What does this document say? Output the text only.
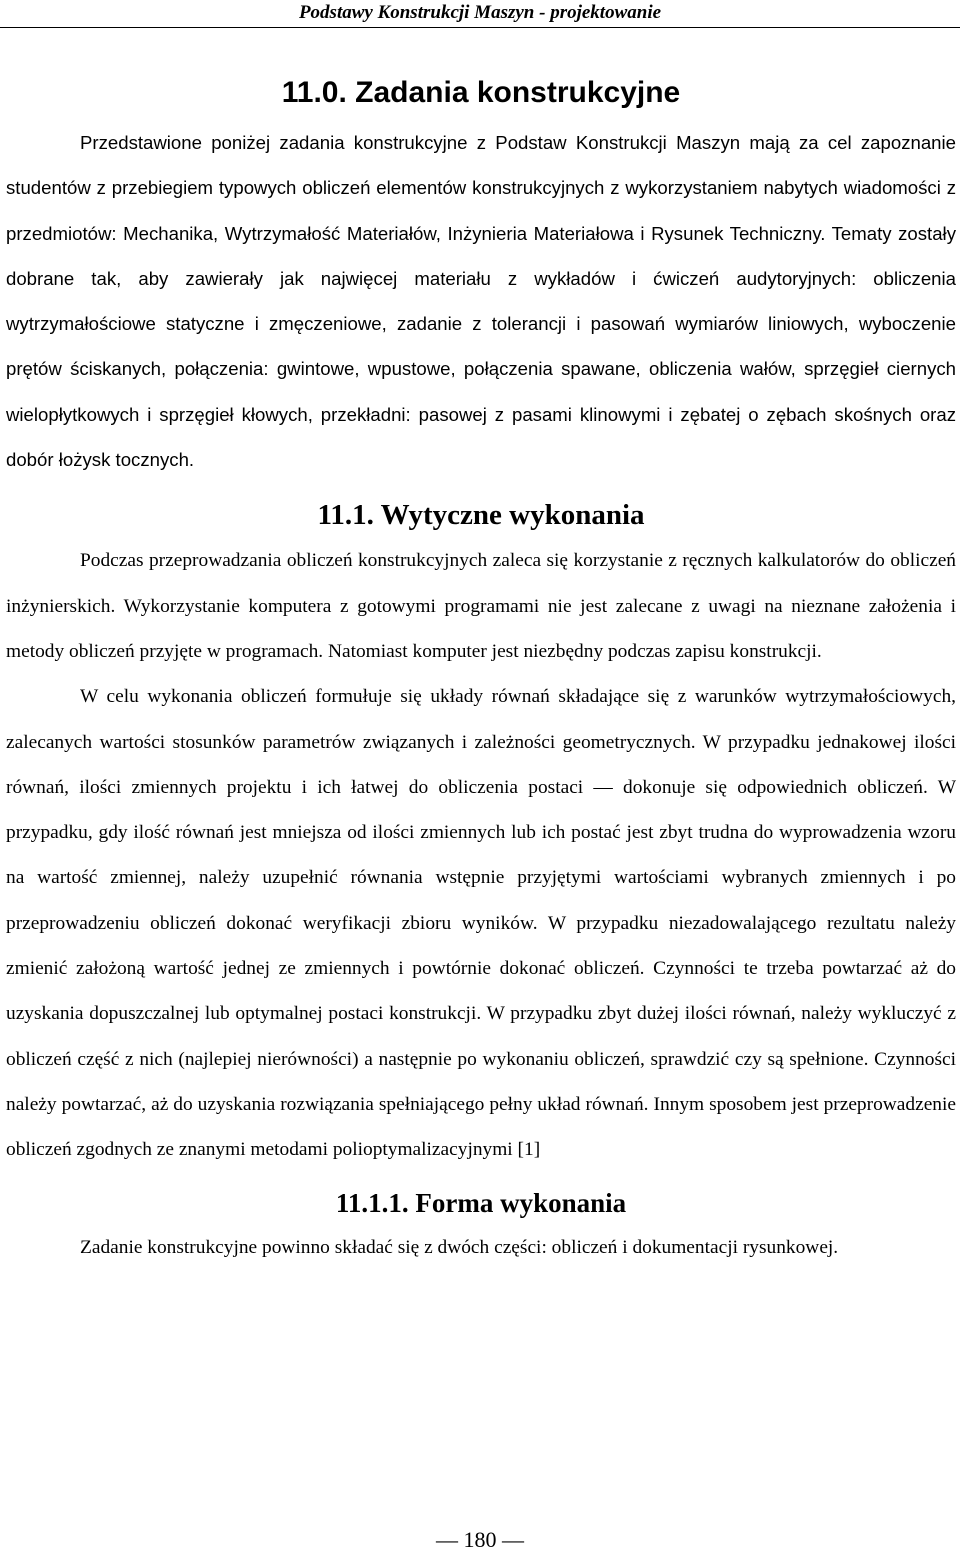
Podstawy Konstrukcji Maszyn - projektowanie
11.0. Zadania konstrukcyjne

Przedstawione poniżej zadania konstrukcyjne z Podstaw Konstrukcji Maszyn mają za cel zapoznanie studentów z przebiegiem typowych obliczeń elementów konstrukcyjnych z wykorzystaniem nabytych wiadomości z przedmiotów: Mechanika, Wytrzymałość Materiałów, Inżynieria Materiałowa i Rysunek Techniczny. Tematy zostały dobrane tak, aby zawierały jak najwięcej materiału z wykładów i ćwiczeń audytoryjnych: obliczenia wytrzymałościowe statyczne i zmęczeniowe, zadanie z tolerancji i pasowań wymiarów liniowych, wyboczenie prętów ściskanych, połączenia: gwintowe, wpustowe, połączenia spawane, obliczenia wałów, sprzęgieł ciernych wielopłytkowych i sprzęgieł kłowych, przekładni: pasowej z pasami klinowymi i zębatej o zębach skośnych oraz dobór łożysk tocznych.

11.1. Wytyczne wykonania

Podczas przeprowadzania obliczeń konstrukcyjnych zaleca się korzystanie z ręcznych kalkulatorów do obliczeń inżynierskich. Wykorzystanie komputera z gotowymi programami nie jest zalecane z uwagi na nieznane założenia i metody obliczeń przyjęte w programach. Natomiast komputer jest niezbędny podczas zapisu konstrukcji.

W celu wykonania obliczeń formułuje się układy równań składające się z warunków wytrzymałościowych, zalecanych wartości stosunków parametrów związanych i zależności geometrycznych. W przypadku jednakowej ilości równań, ilości zmiennych projektu i ich łatwej do obliczenia postaci — dokonuje się odpowiednich obliczeń. W przypadku, gdy ilość równań jest mniejsza od ilości zmiennych lub ich postać jest zbyt trudna do wyprowadzenia wzoru na wartość zmiennej, należy uzupełnić równania wstępnie przyjętymi wartościami wybranych zmiennych i po przeprowadzeniu obliczeń dokonać weryfikacji zbioru wyników. W przypadku niezadowalającego rezultatu należy zmienić założoną wartość jednej ze zmiennych i powtórnie dokonać obliczeń. Czynności te trzeba powtarzać aż do uzyskania dopuszczalnej lub optymalnej postaci konstrukcji. W przypadku zbyt dużej ilości równań, należy wykluczyć z obliczeń część z nich (najlepiej nierówności) a następnie po wykonaniu obliczeń, sprawdzić czy są spełnione. Czynności należy powtarzać, aż do uzyskania rozwiązania spełniającego pełny układ równań. Innym sposobem jest przeprowadzenie obliczeń zgodnych ze znanymi metodami polioptymalizacyjnymi [1]

11.1.1. Forma wykonania

Zadanie konstrukcyjne powinno składać się z dwóch części: obliczeń i dokumentacji rysunkowej.

— 180 —
